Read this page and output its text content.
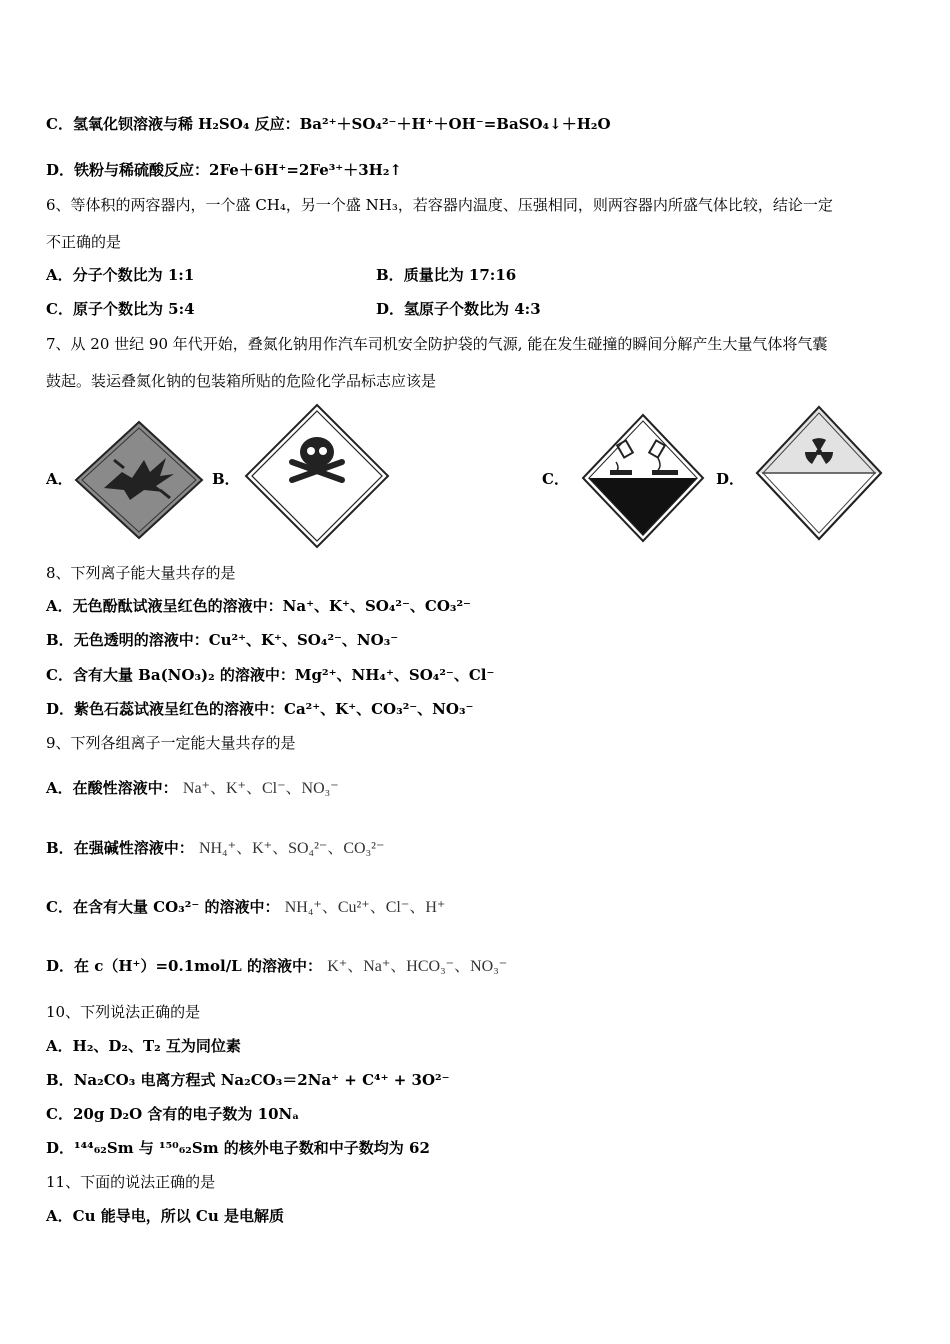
C．氢氧化钡溶液与稀 H₂SO₄ 反应：Ba²⁺＋SO₄²⁻＋H⁺＋OH⁻=BaSO₄↓＋H₂O
D．铁粉与稀硫酸反应：2Fe＋6H⁺=2Fe³⁺＋3H₂↑
6、等体积的两容器内，一个盛 CH₄，另一个盛 NH₃，若容器内温度、压强相同，则两容器内所盛气体比较，结论一定
不正确的是
A．分子个数比为 1:1	B．质量比为 17:16
C．原子个数比为 5:4	D．氢原子个数比为 4:3
7、从 20 世纪 90 年代开始，叠氮化钠用作汽车司机安全防护袋的气源, 能在发生碰撞的瞬间分解产生大量气体将气囊
鼓起。装运叠氮化钠的包装箱所贴的危险化学品标志应该是
A．	B．	C．	D．
8、下列离子能大量共存的是
A．无色酚酞试液呈红色的溶液中：Na⁺、K⁺、SO₄²⁻、CO₃²⁻
B．无色透明的溶液中：Cu²⁺、K⁺、SO₄²⁻、NO₃⁻
C．含有大量 Ba(NO₃)₂ 的溶液中：Mg²⁺、NH₄⁺、SO₄²⁻、Cl⁻
D．紫色石蕊试液呈红色的溶液中：Ca²⁺、K⁺、CO₃²⁻、NO₃⁻
9、下列各组离子一定能大量共存的是
A．在酸性溶液中： Na⁺、K⁺、Cl⁻、NO₃⁻
B．在强碱性溶液中： NH₄⁺、K⁺、SO₄²⁻、CO₃²⁻
C．在含有大量 CO₃²⁻ 的溶液中： NH₄⁺、Cu²⁺、Cl⁻、H⁺
D．在 c（H⁺）=0.1mol/L 的溶液中： K⁺、Na⁺、HCO₃⁻、NO₃⁻
10、下列说法正确的是
A．H₂、D₂、T₂ 互为同位素
B．Na₂CO₃ 电离方程式 Na₂CO₃＝2Na⁺ + C⁴⁺ + 3O²⁻
C．20g D₂O 含有的电子数为 10Nₐ
D．¹⁴⁴₆₂Sm 与 ¹⁵⁰₆₂Sm 的核外电子数和中子数均为 62
11、下面的说法正确的是
A．Cu 能导电，所以 Cu 是电解质
